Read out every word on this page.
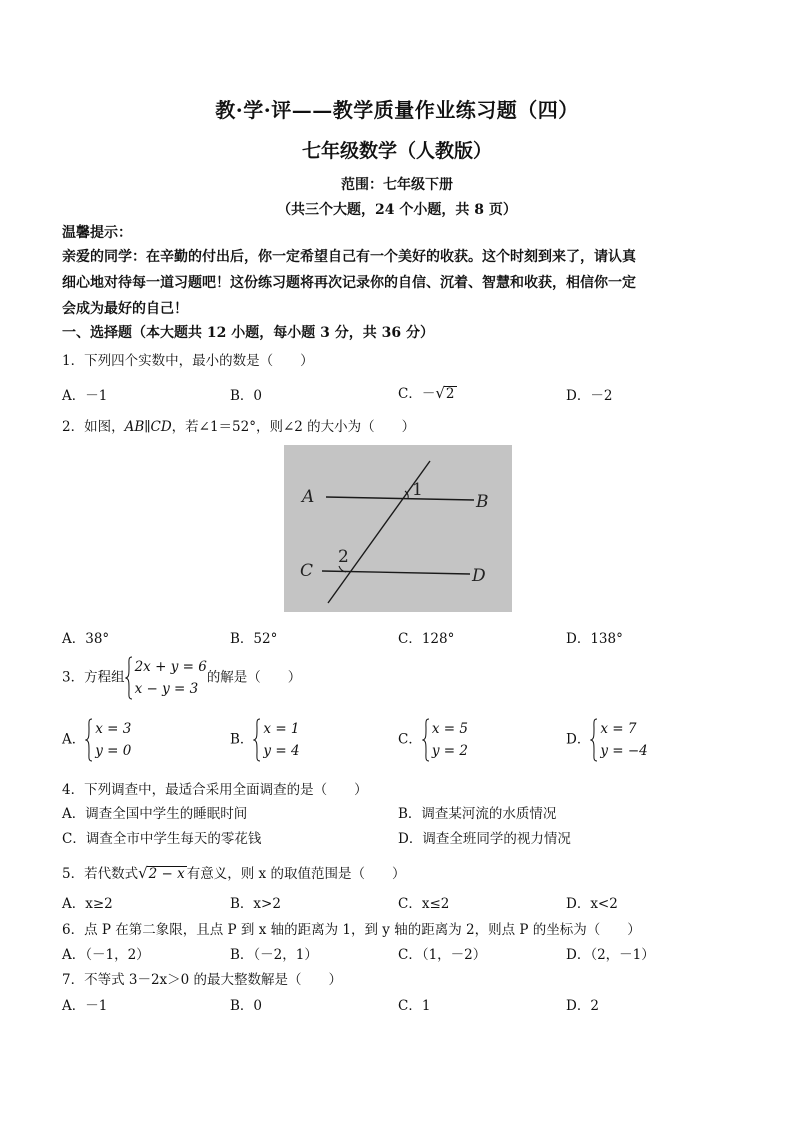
教·学·评——教学质量作业练习题（四）
七年级数学（人教版）
范围：七年级下册
（共三个大题，24 个小题，共 8 页）
温馨提示：
亲爱的同学：在辛勤的付出后，你一定希望自己有一个美好的收获。这个时刻到来了，请认真
细心地对待每一道习题吧！这份练习题将再次记录你的自信、沉着、智慧和收获，相信你一定
会成为最好的自己！
一、选择题（本大题共 12 小题，每小题 3 分，共 36 分）
1．下列四个实数中，最小的数是（　　）
A．－1	B．0	C．－√2	D．－2
2．如图，AB∥CD，若∠1＝52°，则∠2 的大小为（　　）
A	B
C	D
1
2
A．38°	B．52°	C．128°	D．138°
3．方程组
2x + y = 6
x − y = 3
的解是（　　）
A．
x = 3
y = 0
B．
x = 1
y = 4
C．
x = 5
y = 2
D．
x = 7
y = −4
4．下列调查中，最适合采用全面调查的是（　　）
A．调查全国中学生的睡眠时间	B．调查某河流的水质情况
C．调查全市中学生每天的零花钱	D．调查全班同学的视力情况
5．若代数式√2 − x 有意义，则 x 的取值范围是（　　）
A．x≥2	B．x>2	C．x≤2	D．x<2
6．点 P 在第二象限，且点 P 到 x 轴的距离为 1，到 y 轴的距离为 2，则点 P 的坐标为（　　）
A．（－1，2）	B．（－2，1）	C．（1，－2）	D．（2，－1）
7．不等式 3－2x＞0 的最大整数解是（　　）
A．－1	B．0	C．1	D．2
